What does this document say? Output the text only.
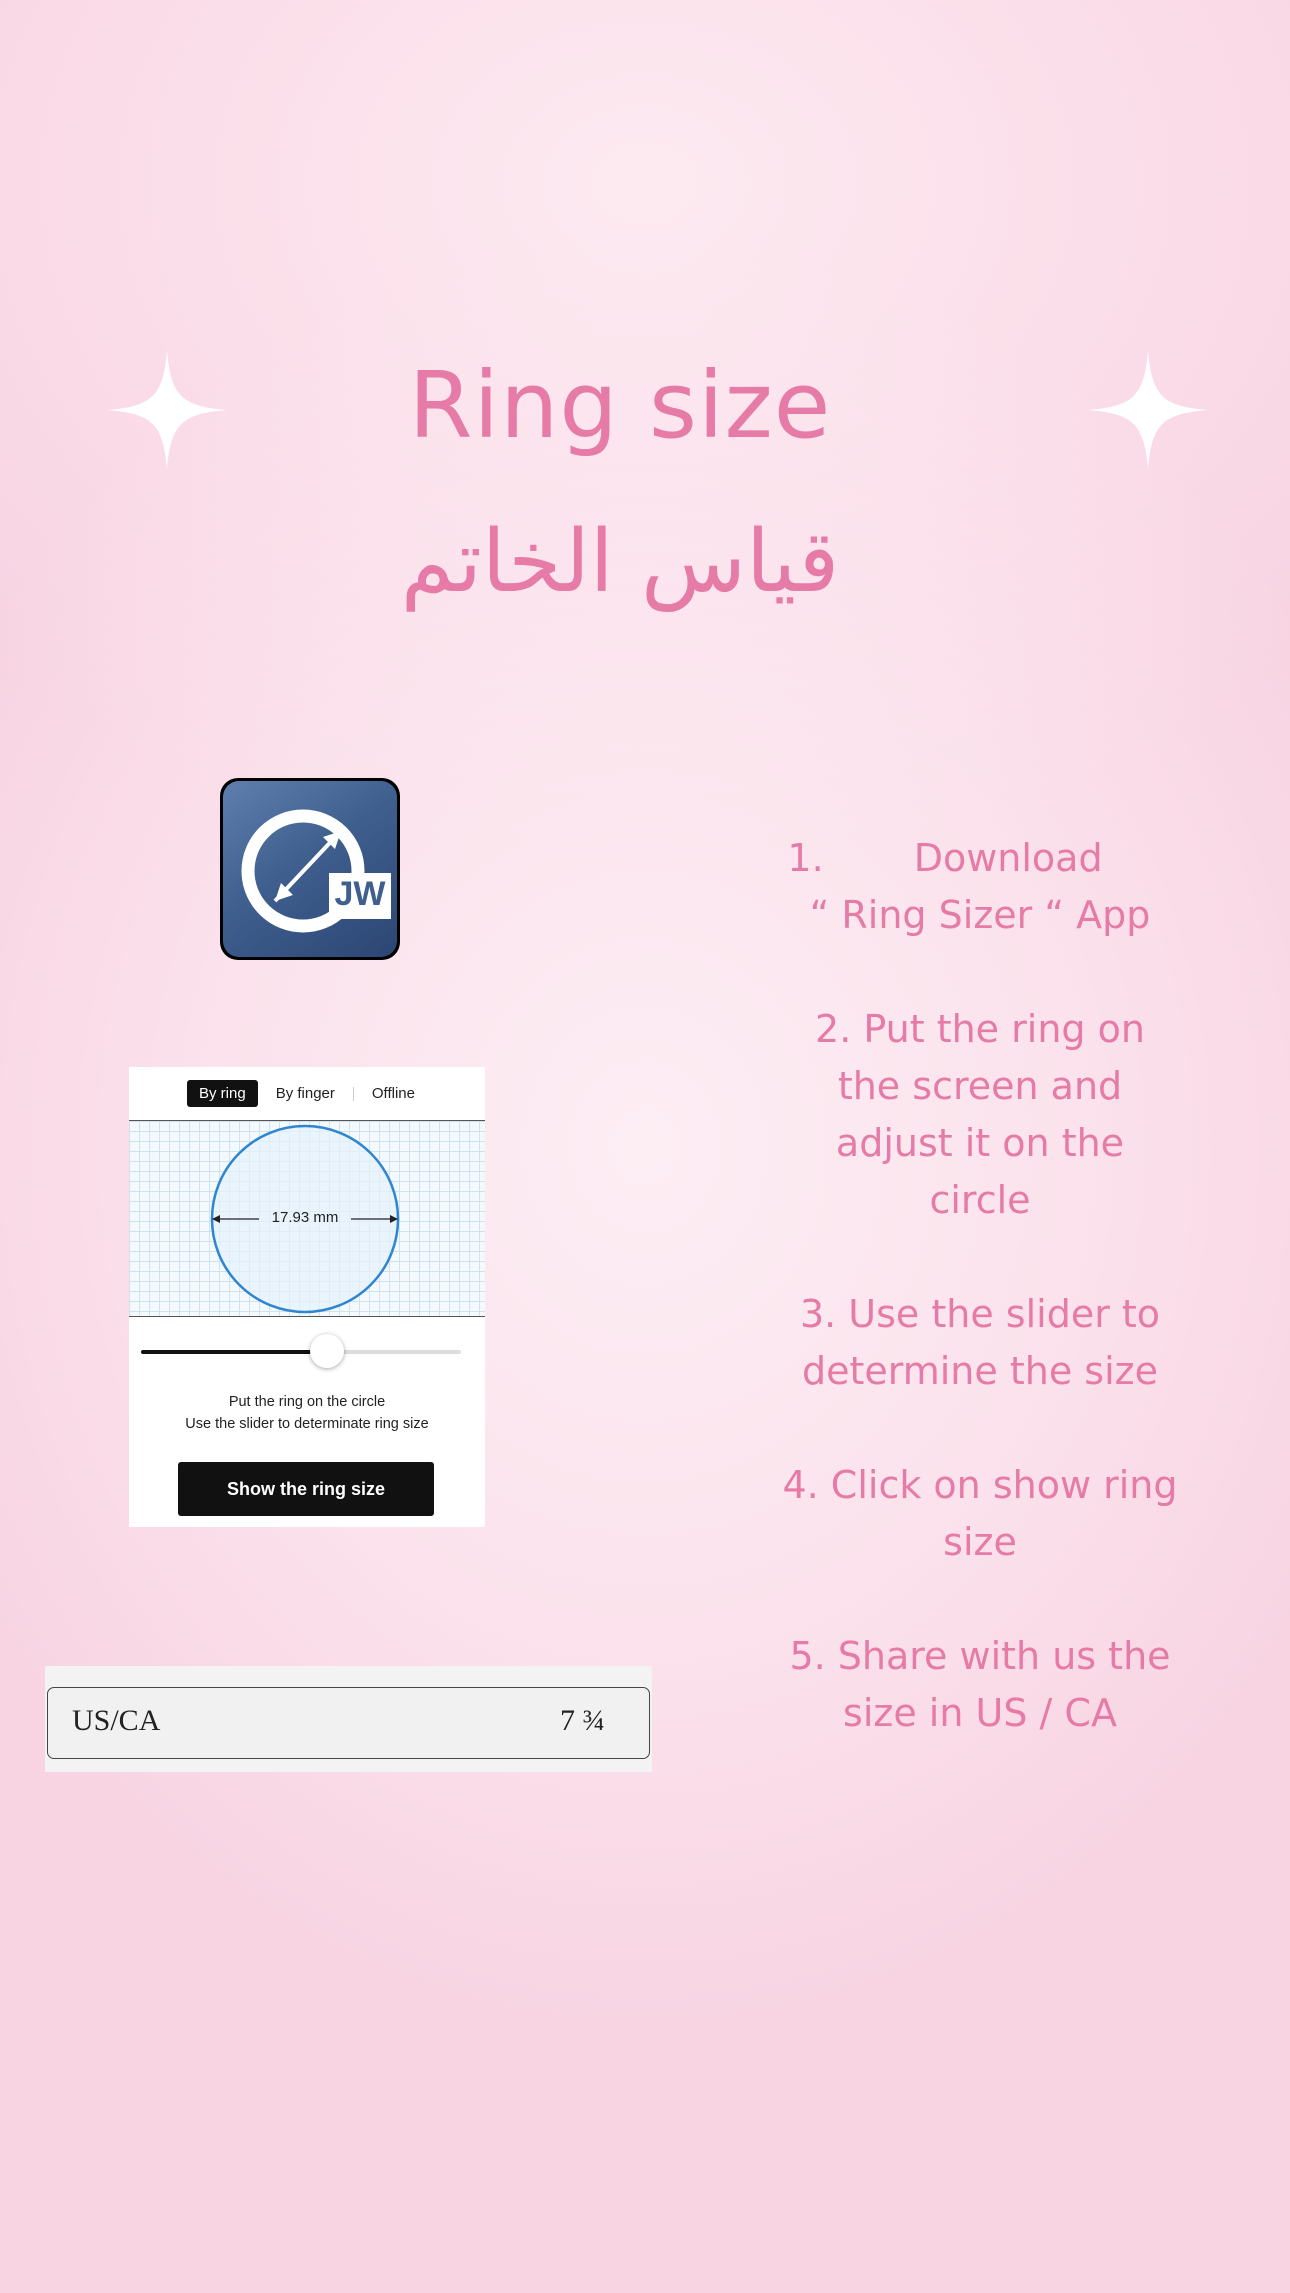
Ring size
قياس الخاتم
JW
By ring	By finger	Offline
17.93 mm
Put the ring on the circle
Use the slider to determinate ring size
Show the ring size
US/CA	7 ¾
1. Download
“ Ring Sizer “ App
2. Put the ring on
the screen and
adjust it on the
circle
3. Use the slider to
determine the size
4. Click on show ring
size
5. Share with us the
size in US / CA
